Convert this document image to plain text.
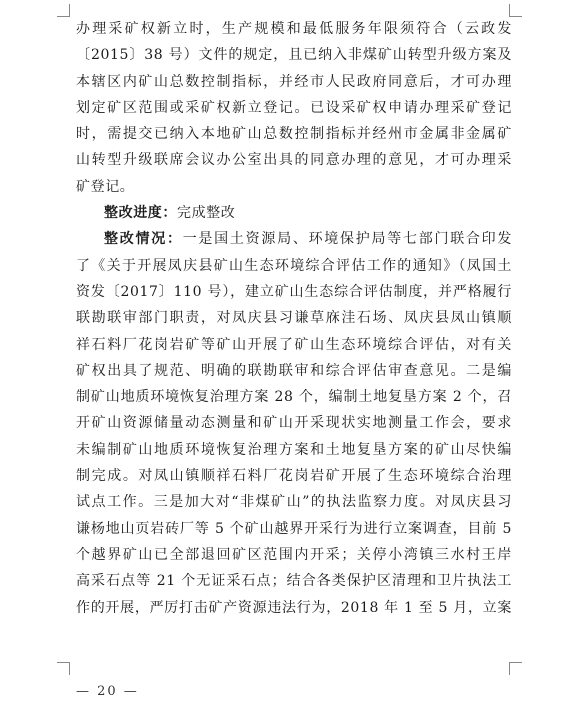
办理采矿权新立时，生产规模和最低服务年限须符合（云政发
〔2015〕38 号）文件的规定，且已纳入非煤矿山转型升级方案及
本辖区内矿山总数控制指标，并经市人民政府同意后，才可办理
划定矿区范围或采矿权新立登记。已设采矿权申请办理采矿登记
时，需提交已纳入本地矿山总数控制指标并经州市金属非金属矿
山转型升级联席会议办公室出具的同意办理的意见，才可办理采
矿登记。
整改进度：完成整改
整改情况：一是国土资源局、环境保护局等七部门联合印发
了《关于开展凤庆县矿山生态环境综合评估工作的通知》（凤国土
资发〔2017〕110 号），建立矿山生态综合评估制度，并严格履行
联勘联审部门职责，对凤庆县习谦草庥洼石场、凤庆县凤山镇顺
祥石料厂花岗岩矿等矿山开展了矿山生态环境综合评估，对有关
矿权出具了规范、明确的联勘联审和综合评估审查意见。二是编
制矿山地质环境恢复治理方案 28 个，编制土地复垦方案 2 个，召
开矿山资源储量动态测量和矿山开采现状实地测量工作会，要求
未编制矿山地质环境恢复治理方案和土地复垦方案的矿山尽快编
制完成。对凤山镇顺祥石料厂花岗岩矿开展了生态环境综合治理
试点工作。三是加大对“非煤矿山”的执法监察力度。对凤庆县习
谦杨地山页岩砖厂等 5 个矿山越界开采行为进行立案调查，目前 5
个越界矿山已全部退回矿区范围内开采；关停小湾镇三水村王岸
高采石点等 21 个无证采石点；结合各类保护区清理和卫片执法工
作的开展，严厉打击矿产资源违法行为，2018 年 1 至 5 月，立案
— 20 —
